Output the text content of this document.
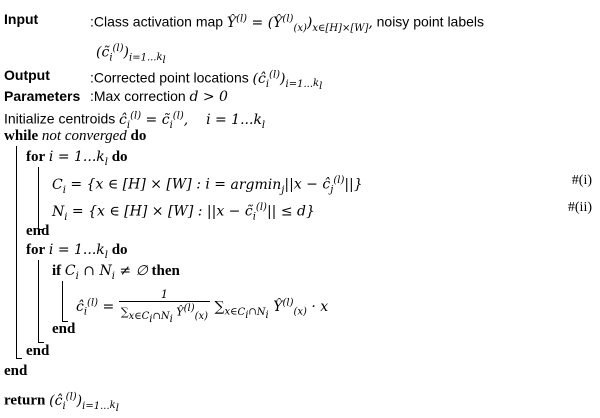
Input	:Class activation map $Ŷ^{(l)}$ = $(Ŷ^{(l)}_{(x)})_{x\in[H]\times[W]}$, noisy point labels
$(c̃_i^{(l)})_{i=1...k_l}$
Output	:Corrected point locations $(ĉ_i^{(l)})_{i=1...k_l}$
Parameters :Max correction d > 0
Initialize centroids $ĉ_i^{(l)}$ = $c̃_i^{(l)}$,    $i = 1...k_l$
while not converged do
for $i = 1...k_l$ do
$C_i = \{x$ ∈ [H] × [W] : $i = argmin_j||x - ĉ_j^{(l)}||$}	#(i)
$N_i = \{x$ ∈ [H] × [W] : $||x - c̃_i^{(l)}|| \le d$}	#(ii)
end
for $i = 1...k_l$ do
if $C_i$ ∩ $N_i$ ≠ ∅ then
$ĉ_i^{(l)} = \frac{1}{\sum_{x\in C_i\cap N_i} Ŷ^{(l)}_{(x)}} \sum_{x\in C_i\cap N_i}$ $Ŷ^{(l)}_{(x)} \cdot x$
end
end
end
return $(ĉ_i^{(l)})_{i=1...k_l}$
